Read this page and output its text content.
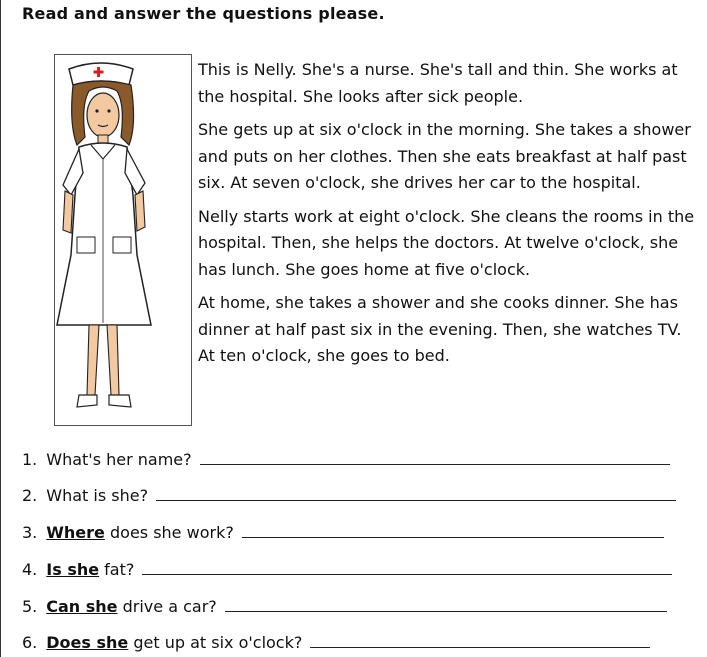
Read and answer the questions please.

This is Nelly. She's a nurse. She's tall and thin. She works at the hospital. She looks after sick people.

She gets up at six o'clock in the morning. She takes a shower and puts on her clothes. Then she eats breakfast at half past six. At seven o'clock, she drives her car to the hospital.

Nelly starts work at eight o'clock. She cleans the rooms in the hospital. Then, she helps the doctors. At twelve o'clock, she has lunch. She goes home at five o'clock.

At home, she takes a shower and she cooks dinner. She has dinner at half past six in the evening. Then, she watches TV. At ten o'clock, she goes to bed.

1. What's her name?
2. What is she?
3. Where does she work?
4. Is she fat?
5. Can she drive a car?
6. Does she get up at six o'clock?
